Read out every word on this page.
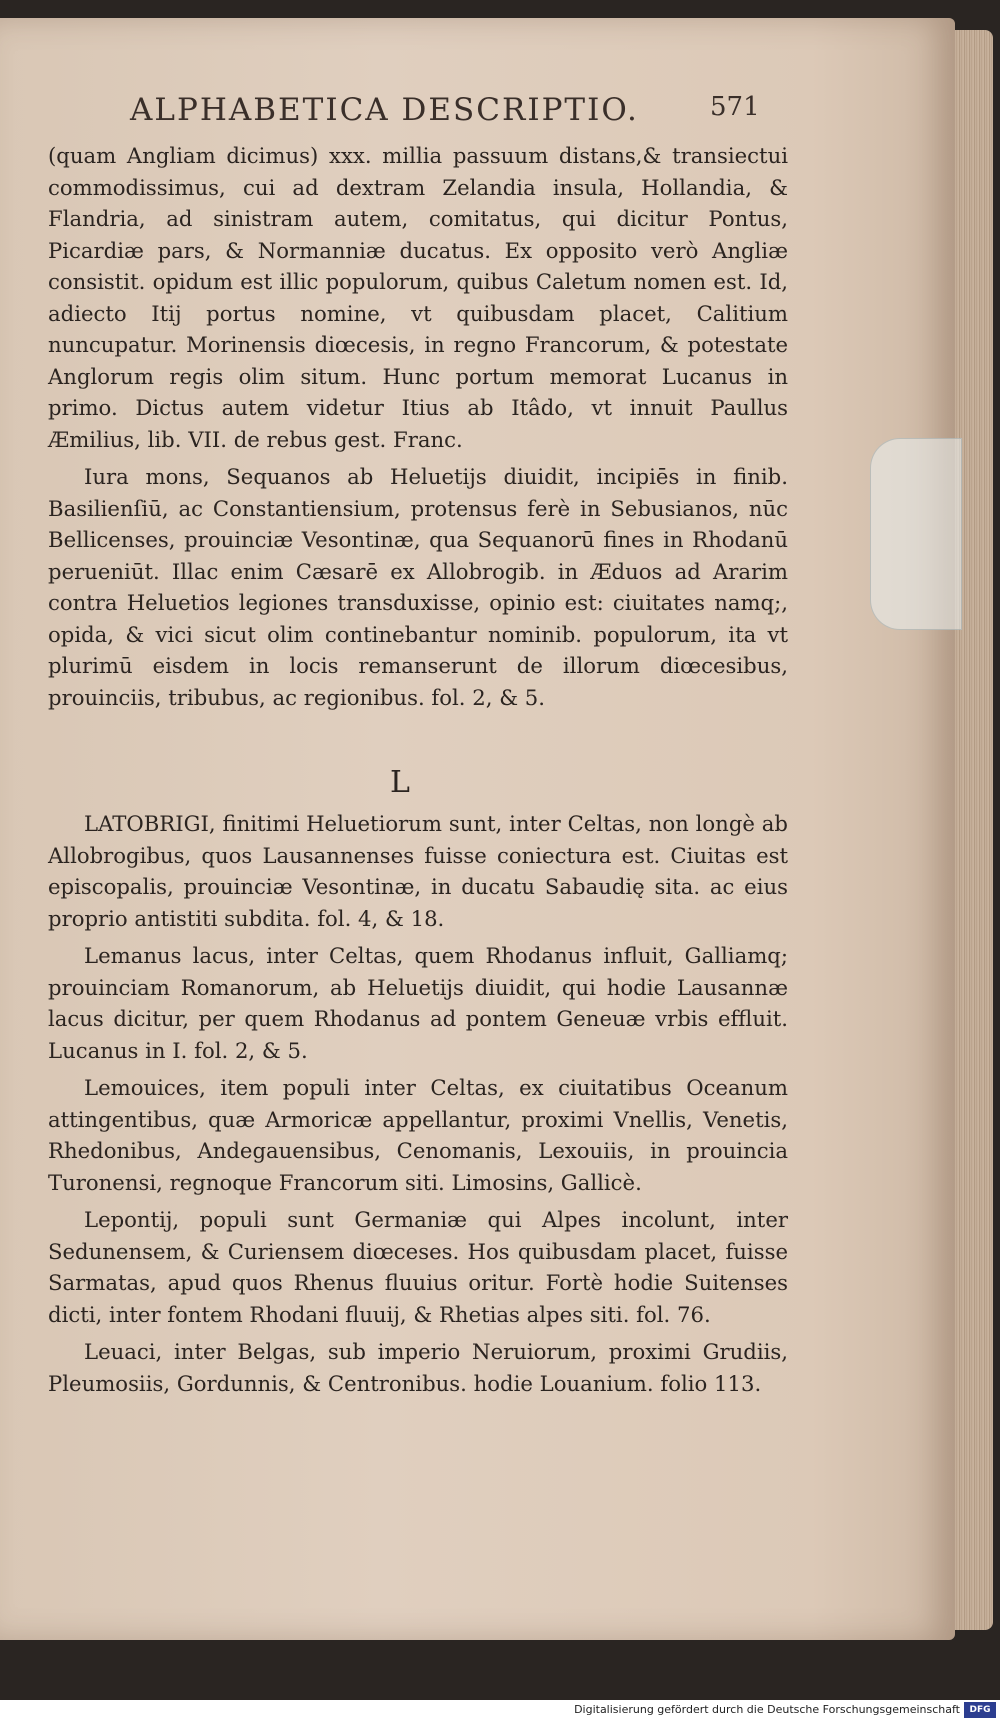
ALPHABETICA DESCRIPTIO.	571

(quam Angliam dicimus) xxx. millia passuum distans,& transiectui commodissimus, cui ad dextram Zelandia insula, Hollandia, & Flandria, ad sinistram autem, comitatus, qui dicitur Pontus, Picardiæ pars, & Normanniæ ducatus. Ex opposito verò Angliæ consistit. opidum est illic populorum, quibus Caletum nomen est. Id, adiecto Itij portus nomine, vt quibusdam placet, Calitium nuncupatur. Morinensis diœcesis, in regno Francorum, & potestate Anglorum regis olim situm. Hunc portum memorat Lucanus in primo. Dictus autem videtur Itius ab Itâdo, vt innuit Paullus Æmilius, lib. VII. de rebus gest. Franc.

Iura mons, Sequanos ab Heluetijs diuidit, incipiēs in finib. Basilienſiū, ac Constantiensium, protensus ferè in Sebusianos, nūc Bellicenses, prouinciæ Vesontinæ, qua Sequanorū fines in Rhodanū perueniūt. Illac enim Cæsarē ex Allobrogib. in Æduos ad Ararim contra Heluetios legiones transduxisse, opinio est: ciuitates namq;, opida, & vici sicut olim continebantur nominib. populorum, ita vt plurimū eisdem in locis remanserunt de illorum diœcesibus, prouinciis, tribubus, ac regionibus. fol. 2, & 5.

L

LATOBRIGI, finitimi Heluetiorum sunt, inter Celtas, non longè ab Allobrogibus, quos Lausannenses fuisse coniectura est. Ciuitas est episcopalis, prouinciæ Vesontinæ, in ducatu Sabaudię sita. ac eius proprio antistiti subdita. fol. 4, & 18.

Lemanus lacus, inter Celtas, quem Rhodanus influit, Galliamq; prouinciam Romanorum, ab Heluetijs diuidit, qui hodie Lausannæ lacus dicitur, per quem Rhodanus ad pontem Geneuæ vrbis effluit. Lucanus in I. fol. 2, & 5.

Lemouices, item populi inter Celtas, ex ciuitatibus Oceanum attingentibus, quæ Armoricæ appellantur, proximi Vnellis, Venetis, Rhedonibus, Andegauensibus, Cenomanis, Lexouiis, in prouincia Turonensi, regnoque Francorum siti. Limosins, Gallicè.

Lepontij, populi sunt Germaniæ qui Alpes incolunt, inter Sedunensem, & Curiensem diœceses. Hos quibusdam placet, fuisse Sarmatas, apud quos Rhenus fluuius oritur. Fortè hodie Suitenses dicti, inter fontem Rhodani fluuij, & Rhetias alpes siti. fol. 76.

Leuaci, inter Belgas, sub imperio Neruiorum, proximi Grudiis, Pleumosiis, Gordunnis, & Centronibus. hodie Louanium. folio 113.

Digitalisierung gefördert durch die Deutsche Forschungsgemeinschaft	DFG
